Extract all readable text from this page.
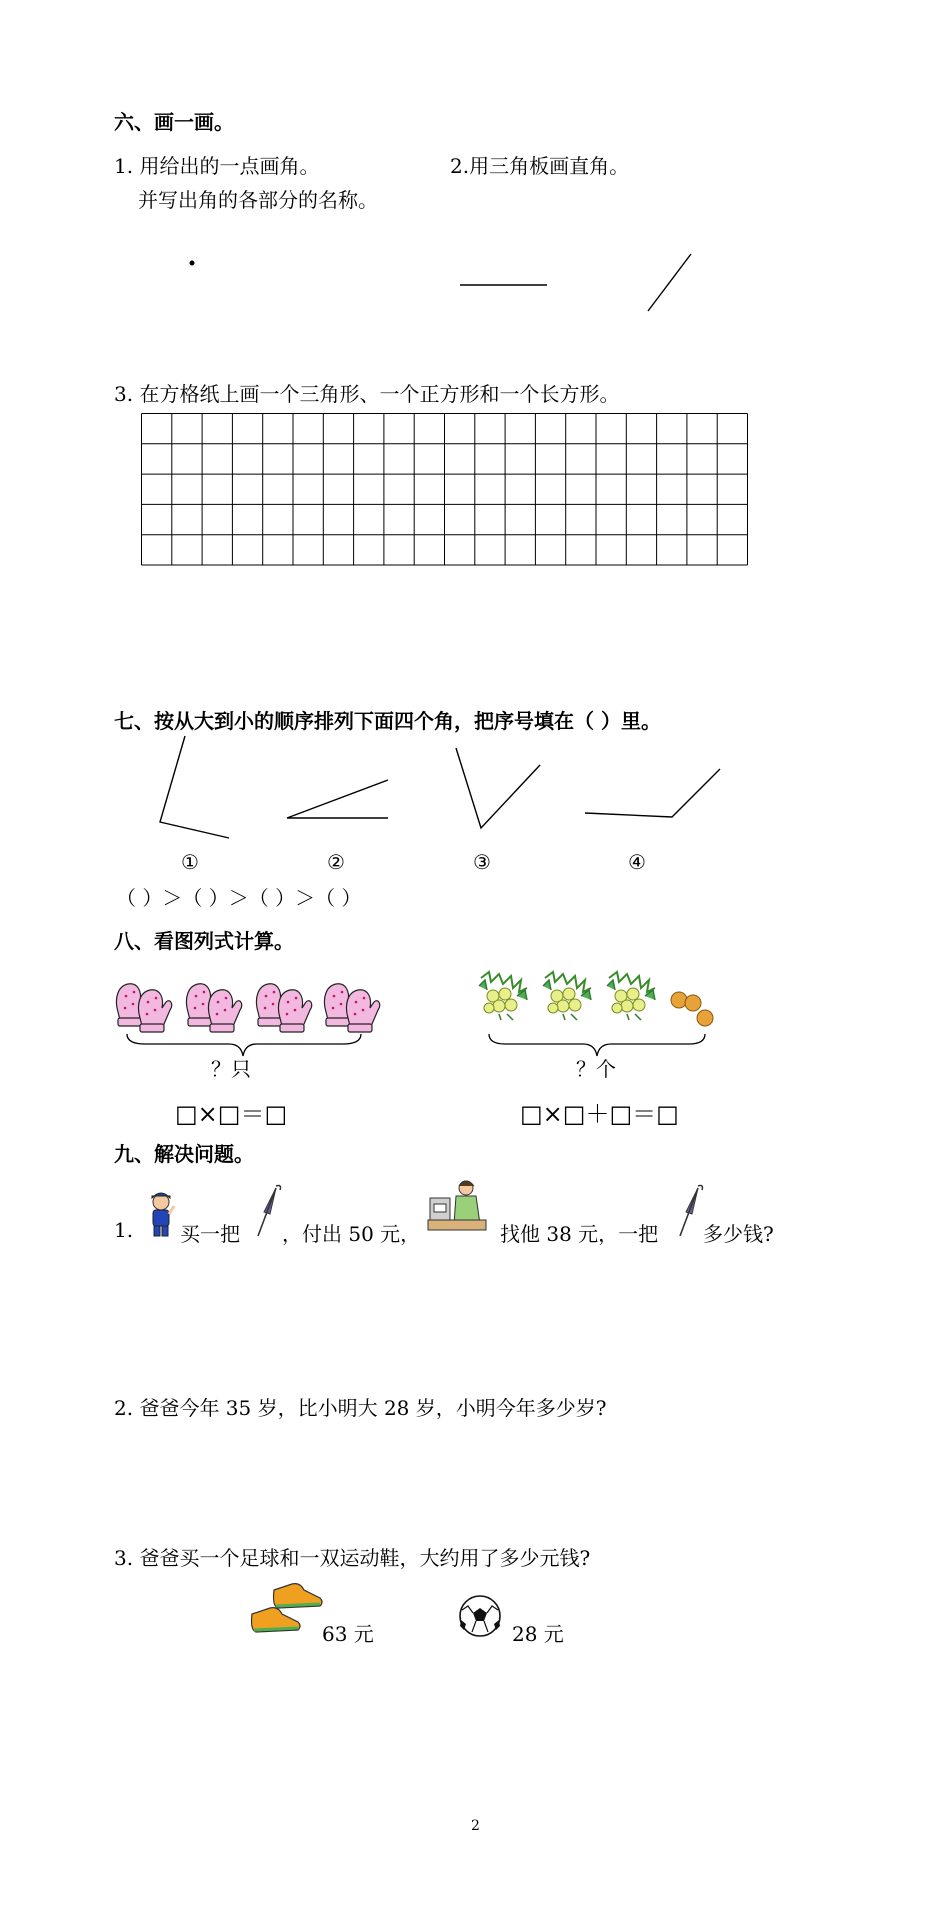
六、画一画。
1. 用给出的一点画角。
并写出角的各部分的名称。
2.用三角板画直角。
3. 在方格纸上画一个三角形、一个正方形和一个长方形。
七、按从大到小的顺序排列下面四个角，把序号填在（ ）里。
①	②	③	④
（ ）＞（ ）＞（ ）＞（ ）
八、看图列式计算。
？只
□×□＝□
？个
□×□＋□＝□
九、解决问题。
1. 买一把 ，付出 50 元，	找他 38 元，一把 多少钱?
2. 爸爸今年 35 岁，比小明大 28 岁，小明今年多少岁?
3. 爸爸买一个足球和一双运动鞋，大约用了多少元钱?
63 元	28 元
2
